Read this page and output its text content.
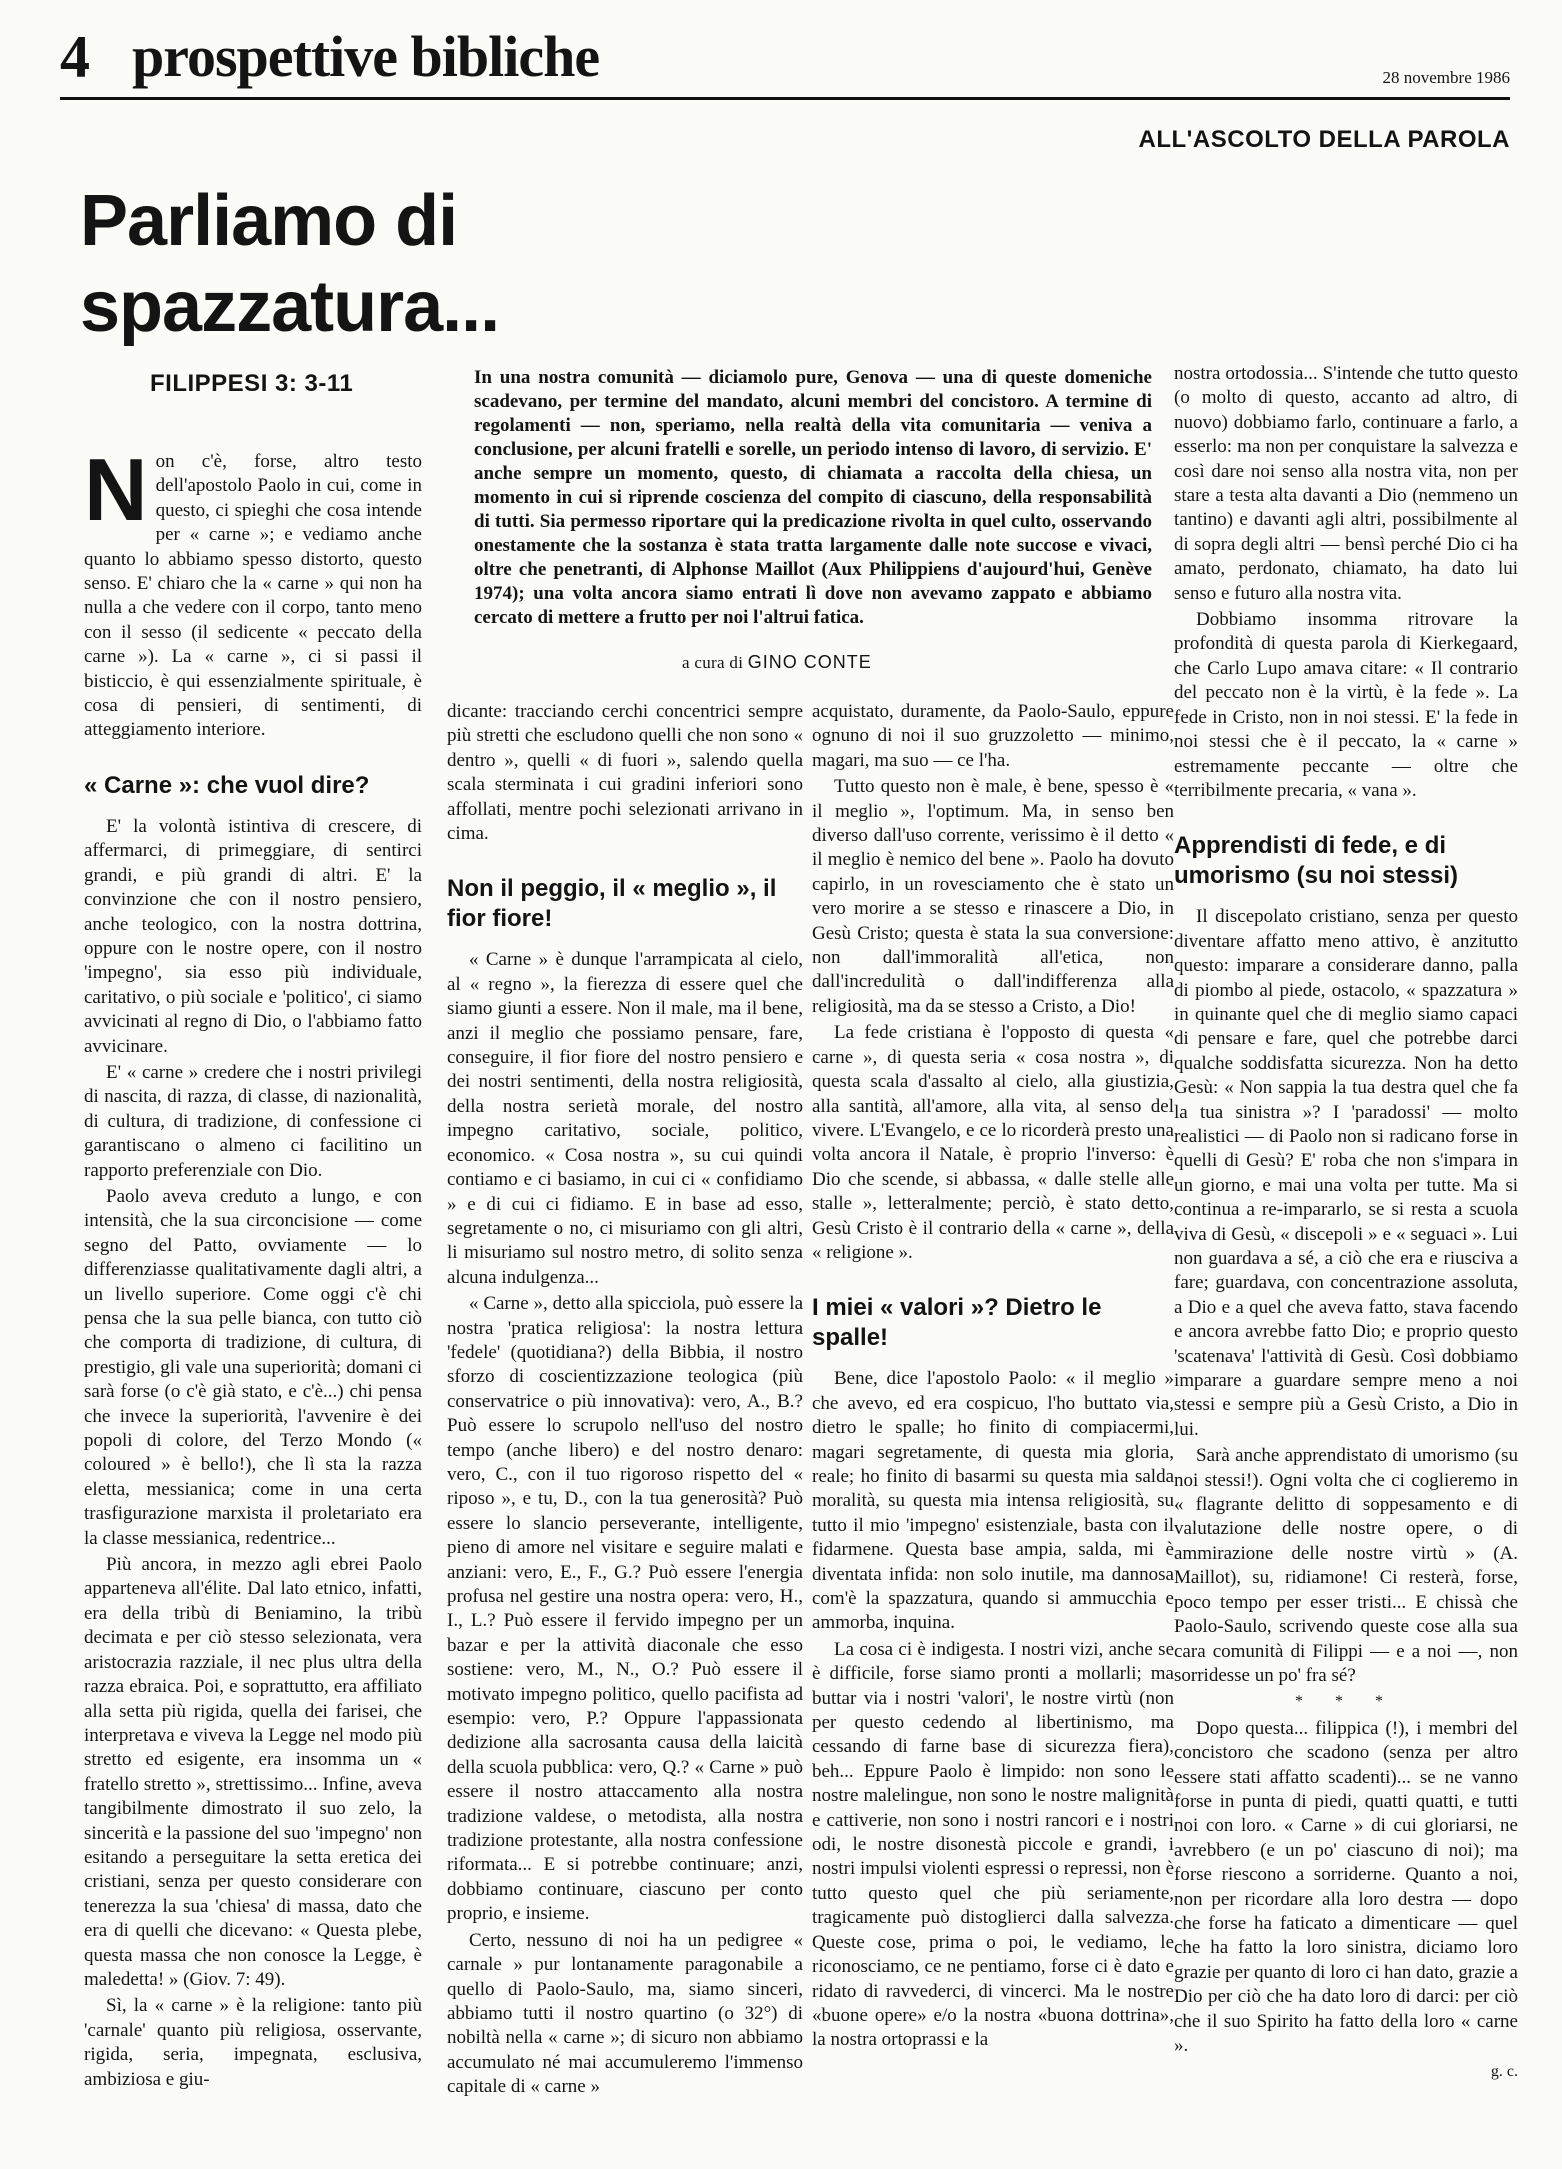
4 prospettive bibliche	28 novembre 1986
ALL'ASCOLTO DELLA PAROLA
Parliamo di spazzatura...
FILIPPESI 3: 3-11	In una nostra comunità — diciamolo pure, Genova — una di queste domeniche scadevano, per termine del mandato, alcuni membri del concistoro. A termine di regolamenti — non, speriamo, nella realtà della vita comunitaria — veniva a conclusione, per alcuni fratelli e sorelle, un periodo intenso di lavoro, di servizio. E' anche sempre un momento, questo, di chiamata a raccolta della chiesa, un momento in cui si riprende coscienza del compito di ciascuno, della responsabilità di tutti. Sia permesso riportare qui la predicazione rivolta in quel culto, osservando onestamente che la sostanza è stata tratta largamente dalle note succose e vivaci, oltre che penetranti, di Alphonse Maillot (Aux Philippiens d'aujourd'hui, Genève 1974); una volta ancora siamo entrati lì dove non avevamo zappato e abbiamo cercato di mettere a frutto per noi l'altrui fatica.
a cura di GINO CONTE

Non c'è, forse, altro testo dell'apostolo Paolo in cui, come in questo, ci spieghi che cosa intende per « carne »; e vediamo anche quanto lo abbiamo spesso distorto, questo senso. E' chiaro che la « carne » qui non ha nulla a che vedere con il corpo, tanto meno con il sesso (il sedicente « peccato della carne »). La « carne », ci si passi il bisticcio, è qui essenzialmente spirituale, è cosa di pensieri, di sentimenti, di atteggiamento interiore.

« Carne »: che vuol dire?

E' la volontà istintiva di crescere, di affermarci, di primeggiare, di sentirci grandi, e più grandi di altri. E' la convinzione che con il nostro pensiero, anche teologico, con la nostra dottrina, oppure con le nostre opere, con il nostro 'impegno', sia esso più individuale, caritativo, o più sociale e 'politico', ci siamo avvicinati al regno di Dio, o l'abbiamo fatto avvicinare.

E' « carne » credere che i nostri privilegi di nascita, di razza, di classe, di nazionalità, di cultura, di tradizione, di confessione ci garantiscano o almeno ci facilitino un rapporto preferenziale con Dio.

Paolo aveva creduto a lungo, e con intensità, che la sua circoncisione — come segno del Patto, ovviamente — lo differenziasse qualitativamente dagli altri, a un livello superiore. Come oggi c'è chi pensa che la sua pelle bianca, con tutto ciò che comporta di tradizione, di cultura, di prestigio, gli vale una superiorità; domani ci sarà forse (o c'è già stato, e c'è...) chi pensa che invece la superiorità, l'avvenire è dei popoli di colore, del Terzo Mondo (« coloured » è bello!), che lì sta la razza eletta, messianica; come in una certa trasfigurazione marxista il proletariato era la classe messianica, redentrice...

Più ancora, in mezzo agli ebrei Paolo apparteneva all'élite. Dal lato etnico, infatti, era della tribù di Beniamino, la tribù decimata e per ciò stesso selezionata, vera aristocrazia razziale, il nec plus ultra della razza ebraica. Poi, e soprattutto, era affiliato alla setta più rigida, quella dei farisei, che interpretava e viveva la Legge nel modo più stretto ed esigente, era insomma un « fratello stretto », strettissimo... Infine, aveva tangibilmente dimostrato il suo zelo, la sincerità e la passione del suo 'impegno' non esitando a perseguitare la setta eretica dei cristiani, senza per questo considerare con tenerezza la sua 'chiesa' di massa, dato che era di quelli che dicevano: « Questa plebe, questa massa che non conosce la Legge, è maledetta! » (Giov. 7: 49).

Sì, la « carne » è la religione: tanto più 'carnale' quanto più religiosa, osservante, rigida, seria, impegnata, esclusiva, ambiziosa e giu-

dicante: tracciando cerchi concentrici sempre più stretti che escludono quelli che non sono « dentro », quelli « di fuori », salendo quella scala sterminata i cui gradini inferiori sono affollati, mentre pochi selezionati arrivano in cima.

Non il peggio, il « meglio », il fior fiore!

« Carne » è dunque l'arrampicata al cielo, al « regno », la fierezza di essere quel che siamo giunti a essere. Non il male, ma il bene, anzi il meglio che possiamo pensare, fare, conseguire, il fior fiore del nostro pensiero e dei nostri sentimenti, della nostra religiosità, della nostra serietà morale, del nostro impegno caritativo, sociale, politico, economico. « Cosa nostra », su cui quindi contiamo e ci basiamo, in cui ci « confidiamo » e di cui ci fidiamo. E in base ad esso, segretamente o no, ci misuriamo con gli altri, li misuriamo sul nostro metro, di solito senza alcuna indulgenza...

« Carne », detto alla spicciola, può essere la nostra 'pratica religiosa': la nostra lettura 'fedele' (quotidiana?) della Bibbia, il nostro sforzo di coscientizzazione teologica (più conservatrice o più innovativa): vero, A., B.? Può essere lo scrupolo nell'uso del nostro tempo (anche libero) e del nostro denaro: vero, C., con il tuo rigoroso rispetto del « riposo », e tu, D., con la tua generosità? Può essere lo slancio perseverante, intelligente, pieno di amore nel visitare e seguire malati e anziani: vero, E., F., G.? Può essere l'energia profusa nel gestire una nostra opera: vero, H., I., L.? Può essere il fervido impegno per un bazar e per la attività diaconale che esso sostiene: vero, M., N., O.? Può essere il motivato impegno politico, quello pacifista ad esempio: vero, P.? Oppure l'appassionata dedizione alla sacrosanta causa della laicità della scuola pubblica: vero, Q.? « Carne » può essere il nostro attaccamento alla nostra tradizione valdese, o metodista, alla nostra tradizione protestante, alla nostra confessione riformata... E si potrebbe continuare; anzi, dobbiamo continuare, ciascuno per conto proprio, e insieme.

Certo, nessuno di noi ha un pedigree « carnale » pur lontanamente paragonabile a quello di Paolo-Saulo, ma, siamo sinceri, abbiamo tutti il nostro quartino (o 32°) di nobiltà nella « carne »; di sicuro non abbiamo accumulato né mai accumuleremo l'immenso capitale di « carne »

acquistato, duramente, da Paolo-Saulo, eppure ognuno di noi il suo gruzzoletto — minimo, magari, ma suo — ce l'ha.

Tutto questo non è male, è bene, spesso è « il meglio », l'optimum. Ma, in senso ben diverso dall'uso corrente, verissimo è il detto « il meglio è nemico del bene ». Paolo ha dovuto capirlo, in un rovesciamento che è stato un vero morire a se stesso e rinascere a Dio, in Gesù Cristo; questa è stata la sua conversione: non dall'immoralità all'etica, non dall'incredulità o dall'indifferenza alla religiosità, ma da se stesso a Cristo, a Dio!

La fede cristiana è l'opposto di questa « carne », di questa seria « cosa nostra », di questa scala d'assalto al cielo, alla giustizia, alla santità, all'amore, alla vita, al senso del vivere. L'Evangelo, e ce lo ricorderà presto una volta ancora il Natale, è proprio l'inverso: è Dio che scende, si abbassa, « dalle stelle alle stalle », letteralmente; perciò, è stato detto, Gesù Cristo è il contrario della « carne », della « religione ».

I miei « valori »? Dietro le spalle!

Bene, dice l'apostolo Paolo: « il meglio » che avevo, ed era cospicuo, l'ho buttato via, dietro le spalle; ho finito di compiacermi, magari segretamente, di questa mia gloria, reale; ho finito di basarmi su questa mia salda moralità, su questa mia intensa religiosità, su tutto il mio 'impegno' esistenziale, basta con il fidarmene. Questa base ampia, salda, mi è diventata infida: non solo inutile, ma dannosa com'è la spazzatura, quando si ammucchia e ammorba, inquina.

La cosa ci è indigesta. I nostri vizi, anche se è difficile, forse siamo pronti a mollarli; ma buttar via i nostri 'valori', le nostre virtù (non per questo cedendo al libertinismo, ma cessando di farne base di sicurezza fiera), beh... Eppure Paolo è limpido: non sono le nostre malelingue, non sono le nostre malignità e cattiverie, non sono i nostri rancori e i nostri odi, le nostre disonestà piccole e grandi, i nostri impulsi violenti espressi o repressi, non è tutto questo quel che più seriamente, tragicamente può distoglierci dalla salvezza. Queste cose, prima o poi, le vediamo, le riconosciamo, ce ne pentiamo, forse ci è dato e ridato di ravvederci, di vincerci. Ma le nostre «buone opere» e/o la nostra «buona dottrina», la nostra ortoprassi e la

nostra ortodossia... S'intende che tutto questo (o molto di questo, accanto ad altro, di nuovo) dobbiamo farlo, continuare a farlo, a esserlo: ma non per conquistare la salvezza e così dare noi senso alla nostra vita, non per stare a testa alta davanti a Dio (nemmeno un tantino) e davanti agli altri, possibilmente al di sopra degli altri — bensì perché Dio ci ha amato, perdonato, chiamato, ha dato lui senso e futuro alla nostra vita.

Dobbiamo insomma ritrovare la profondità di questa parola di Kierkegaard, che Carlo Lupo amava citare: « Il contrario del peccato non è la virtù, è la fede ». La fede in Cristo, non in noi stessi. E' la fede in noi stessi che è il peccato, la « carne » estremamente peccante — oltre che terribilmente precaria, « vana ».

Apprendisti di fede, e di umorismo (su noi stessi)

Il discepolato cristiano, senza per questo diventare affatto meno attivo, è anzitutto questo: imparare a considerare danno, palla di piombo al piede, ostacolo, « spazzatura » in quinante quel che di meglio siamo capaci di pensare e fare, quel che potrebbe darci qualche soddisfatta sicurezza. Non ha detto Gesù: « Non sappia la tua destra quel che fa la tua sinistra »? I 'paradossi' — molto realistici — di Paolo non si radicano forse in quelli di Gesù? E' roba che non s'impara in un giorno, e mai una volta per tutte. Ma si continua a re-impararlo, se si resta a scuola viva di Gesù, « discepoli » e « seguaci ». Lui non guardava a sé, a ciò che era e riusciva a fare; guardava, con concentrazione assoluta, a Dio e a quel che aveva fatto, stava facendo e ancora avrebbe fatto Dio; e proprio questo 'scatenava' l'attività di Gesù. Così dobbiamo imparare a guardare sempre meno a noi stessi e sempre più a Gesù Cristo, a Dio in lui.

Sarà anche apprendistato di umorismo (su noi stessi!). Ogni volta che ci coglieremo in « flagrante delitto di soppesamento e di valutazione delle nostre opere, o di ammirazione delle nostre virtù » (A. Maillot), su, ridiamone! Ci resterà, forse, poco tempo per esser tristi... E chissà che Paolo-Saulo, scrivendo queste cose alla sua cara comunità di Filippi — e a noi —, non sorridesse un po' fra sé?

* * *

Dopo questa... filippica (!), i membri del concistoro che scadono (senza per altro essere stati affatto scadenti)... se ne vanno forse in punta di piedi, quatti quatti, e tutti noi con loro. « Carne » di cui gloriarsi, ne avrebbero (e un po' ciascuno di noi); ma forse riescono a sorriderne. Quanto a noi, non per ricordare alla loro destra — dopo che forse ha faticato a dimenticare — quel che ha fatto la loro sinistra, diciamo loro grazie per quanto di loro ci han dato, grazie a Dio per ciò che ha dato loro di darci: per ciò che il suo Spirito ha fatto della loro « carne ».

g. c.
